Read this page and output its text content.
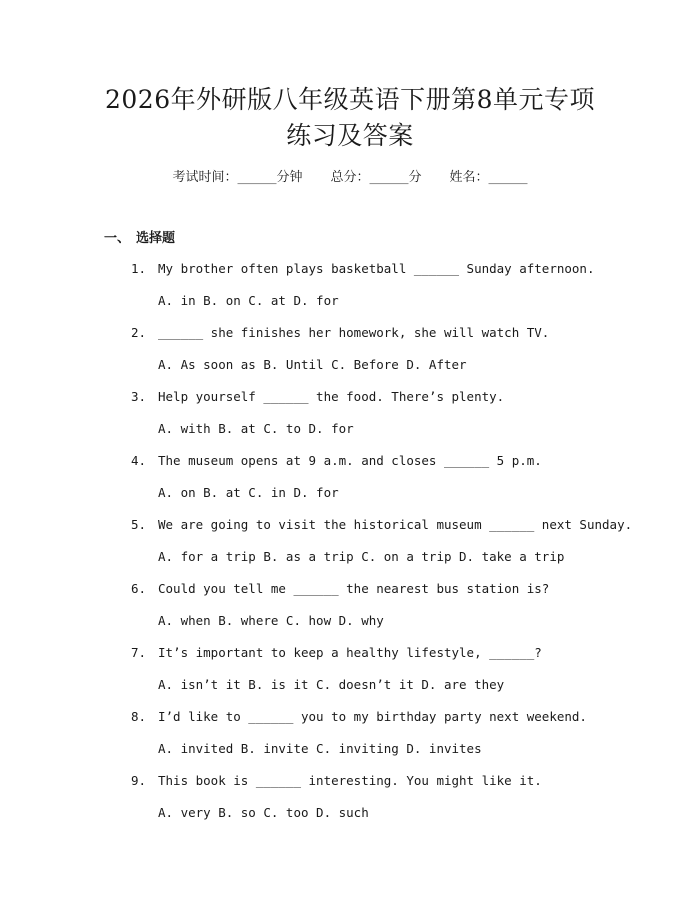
2026年外研版八年级英语下册第8单元专项
练习及答案
考试时间：______分钟 总分：______分 姓名：______
一、 选择题
1. My brother often plays basketball ______ Sunday afternoon.
A. in B. on C. at D. for
2. ______ she finishes her homework, she will watch TV.
A. As soon as B. Until C. Before D. After
3. Help yourself ______ the food. There’s plenty.
A. with B. at C. to D. for
4. The museum opens at 9 a.m. and closes ______ 5 p.m.
A. on B. at C. in D. for
5. We are going to visit the historical museum ______ next Sunday.
A. for a trip B. as a trip C. on a trip D. take a trip
6. Could you tell me ______ the nearest bus station is?
A. when B. where C. how D. why
7. It’s important to keep a healthy lifestyle, ______?
A. isn’t it B. is it C. doesn’t it D. are they
8. I’d like to ______ you to my birthday party next weekend.
A. invited B. invite C. inviting D. invites
9. This book is ______ interesting. You might like it.
A. very B. so C. too D. such
